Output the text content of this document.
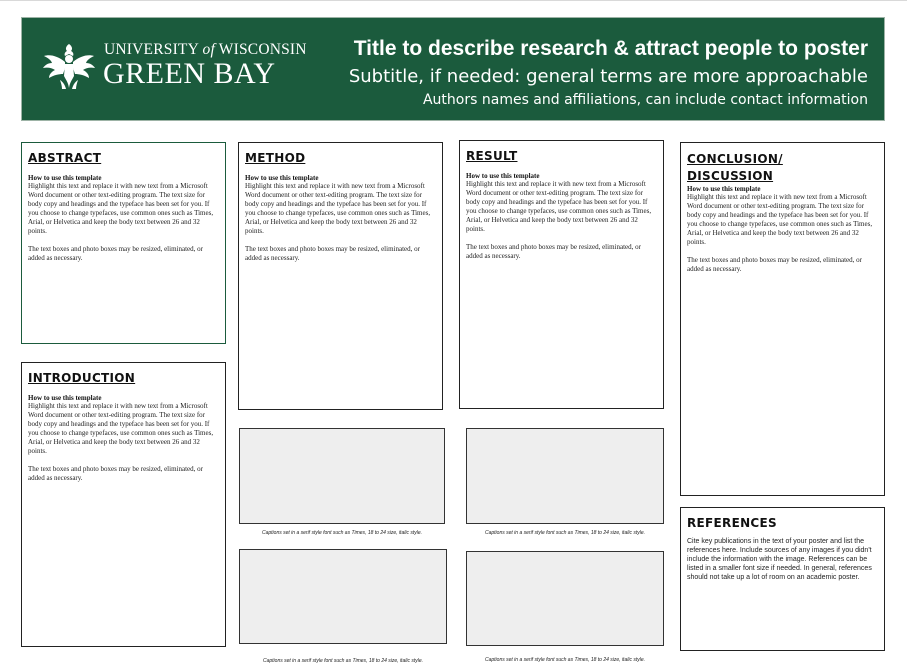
UNIVERSITY of WISCONSIN
GREEN BAY
Title to describe research & attract people to poster
Subtitle, if needed: general terms are more approachable
Authors names and affiliations, can include contact information
ABSTRACT
How to use this template

Highlight this text and replace it with new text from a Microsoft Word document or other text-editing program. The text size for body copy and headings and the typeface has been set for you. If you choose to change typefaces, use common ones such as Times, Arial, or Helvetica and keep the body text between 26 and 32 points.

The text boxes and photo boxes may be resized, eliminated, or added as necessary.

INTRODUCTION
How to use this template

Highlight this text and replace it with new text from a Microsoft Word document or other text-editing program. The text size for body copy and headings and the typeface has been set for you. If you choose to change typefaces, use common ones such as Times, Arial, or Helvetica and keep the body text between 26 and 32 points.

The text boxes and photo boxes may be resized, eliminated, or added as necessary.

METHOD
How to use this template

Highlight this text and replace it with new text from a Microsoft Word document or other text-editing program. The text size for body copy and headings and the typeface has been set for you. If you choose to change typefaces, use common ones such as Times, Arial, or Helvetica and keep the body text between 26 and 32 points.

The text boxes and photo boxes may be resized, eliminated, or added as necessary.

RESULT
How to use this template

Highlight this text and replace it with new text from a Microsoft Word document or other text-editing program. The text size for body copy and headings and the typeface has been set for you. If you choose to change typefaces, use common ones such as Times, Arial, or Helvetica and keep the body text between 26 and 32 points.

The text boxes and photo boxes may be resized, eliminated, or added as necessary.

CONCLUSION/
DISCUSSION
How to use this template

Highlight this text and replace it with new text from a Microsoft Word document or other text-editing program. The text size for body copy and headings and the typeface has been set for you. If you choose to change typefaces, use common ones such as Times, Arial, or Helvetica and keep the body text between 26 and 32 points.

The text boxes and photo boxes may be resized, eliminated, or added as necessary.

REFERENCES

Cite key publications in the text of your poster and list the references here. Include sources of any images if you didn't include the information with the image. References can be listed in a smaller font size if needed. In general, references should not take up a lot of room on an academic poster.

Captions set in a serif style font such as Times, 18 to 24 size, italic style.	Captions set in a serif style font such as Times, 18 to 24 size, italic style.
Captions set in a serif style font such as Times, 18 to 24 size, italic style.	Captions set in a serif style font such as Times, 18 to 24 size, italic style.
